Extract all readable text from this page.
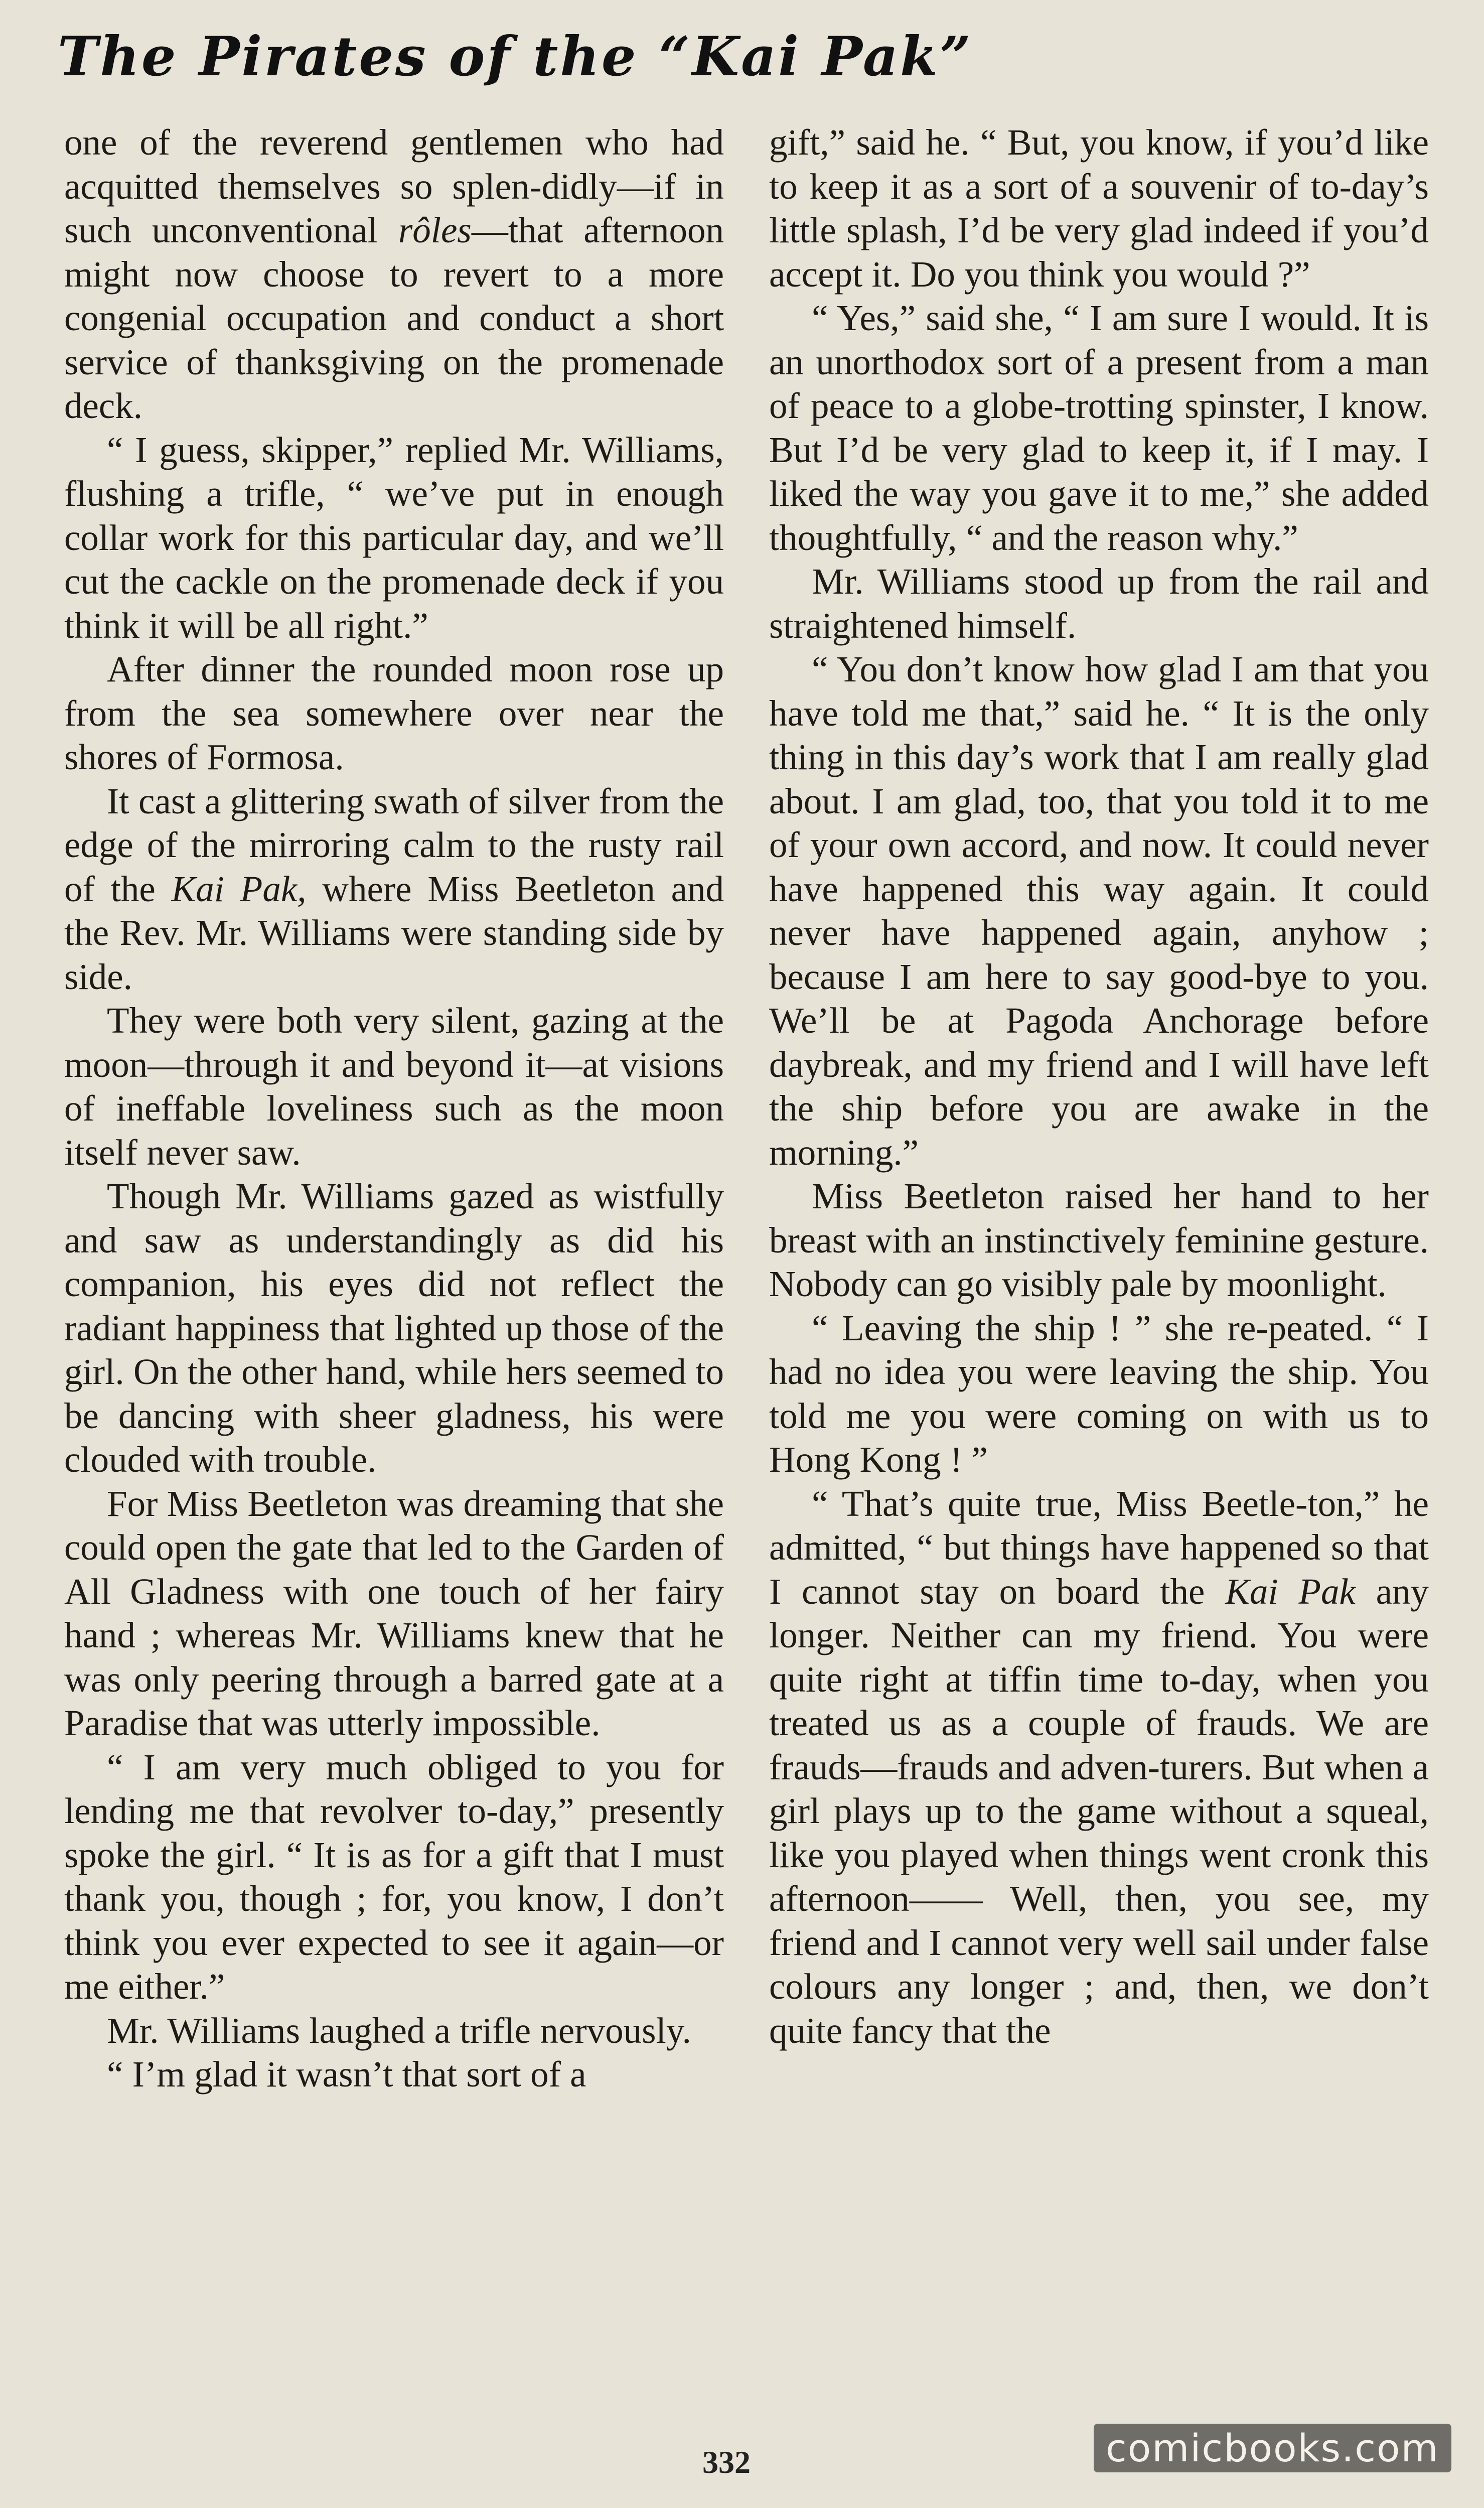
The Pirates of the “Kai Pak”

one of the reverend gentlemen who had acquitted themselves so splen-didly—if in such unconventional rôles—that afternoon might now choose to revert to a more congenial occupation and conduct a short service of thanksgiving on the promenade deck.

“ I guess, skipper,” replied Mr. Williams, flushing a trifle, “ we’ve put in enough collar work for this particular day, and we’ll cut the cackle on the promenade deck if you think it will be all right.”

After dinner the rounded moon rose up from the sea somewhere over near the shores of Formosa.

It cast a glittering swath of silver from the edge of the mirroring calm to the rusty rail of the Kai Pak, where Miss Beetleton and the Rev. Mr. Williams were standing side by side.

They were both very silent, gazing at the moon—through it and beyond it—at visions of ineffable loveliness such as the moon itself never saw.

Though Mr. Williams gazed as wistfully and saw as understandingly as did his companion, his eyes did not reflect the radiant happiness that lighted up those of the girl. On the other hand, while hers seemed to be dancing with sheer gladness, his were clouded with trouble.

For Miss Beetleton was dreaming that she could open the gate that led to the Garden of All Gladness with one touch of her fairy hand ; whereas Mr. Williams knew that he was only peering through a barred gate at a Paradise that was utterly impossible.

“ I am very much obliged to you for lending me that revolver to-day,” presently spoke the girl. “ It is as for a gift that I must thank you, though ; for, you know, I don’t think you ever expected to see it again—or me either.”

Mr. Williams laughed a trifle nervously.

“ I’m glad it wasn’t that sort of a

gift,” said he. “ But, you know, if you’d like to keep it as a sort of a souvenir of to-day’s little splash, I’d be very glad indeed if you’d accept it. Do you think you would ?”

“ Yes,” said she, “ I am sure I would. It is an unorthodox sort of a present from a man of peace to a globe-trotting spinster, I know. But I’d be very glad to keep it, if I may. I liked the way you gave it to me,” she added thoughtfully, “ and the reason why.”

Mr. Williams stood up from the rail and straightened himself.

“ You don’t know how glad I am that you have told me that,” said he. “ It is the only thing in this day’s work that I am really glad about. I am glad, too, that you told it to me of your own accord, and now. It could never have happened this way again. It could never have happened again, anyhow ; because I am here to say good-bye to you. We’ll be at Pagoda Anchorage before daybreak, and my friend and I will have left the ship before you are awake in the morning.”

Miss Beetleton raised her hand to her breast with an instinctively feminine gesture. Nobody can go visibly pale by moonlight.

“ Leaving the ship ! ” she re-peated. “ I had no idea you were leaving the ship. You told me you were coming on with us to Hong Kong ! ”

“ That’s quite true, Miss Beetle-ton,” he admitted, “ but things have happened so that I cannot stay on board the Kai Pak any longer. Neither can my friend. You were quite right at tiffin time to-day, when you treated us as a couple of frauds. We are frauds—frauds and adven-turers. But when a girl plays up to the game without a squeal, like you played when things went cronk this afternoon—— Well, then, you see, my friend and I cannot very well sail under false colours any longer ; and, then, we don’t quite fancy that the

332	comicbooks.com
